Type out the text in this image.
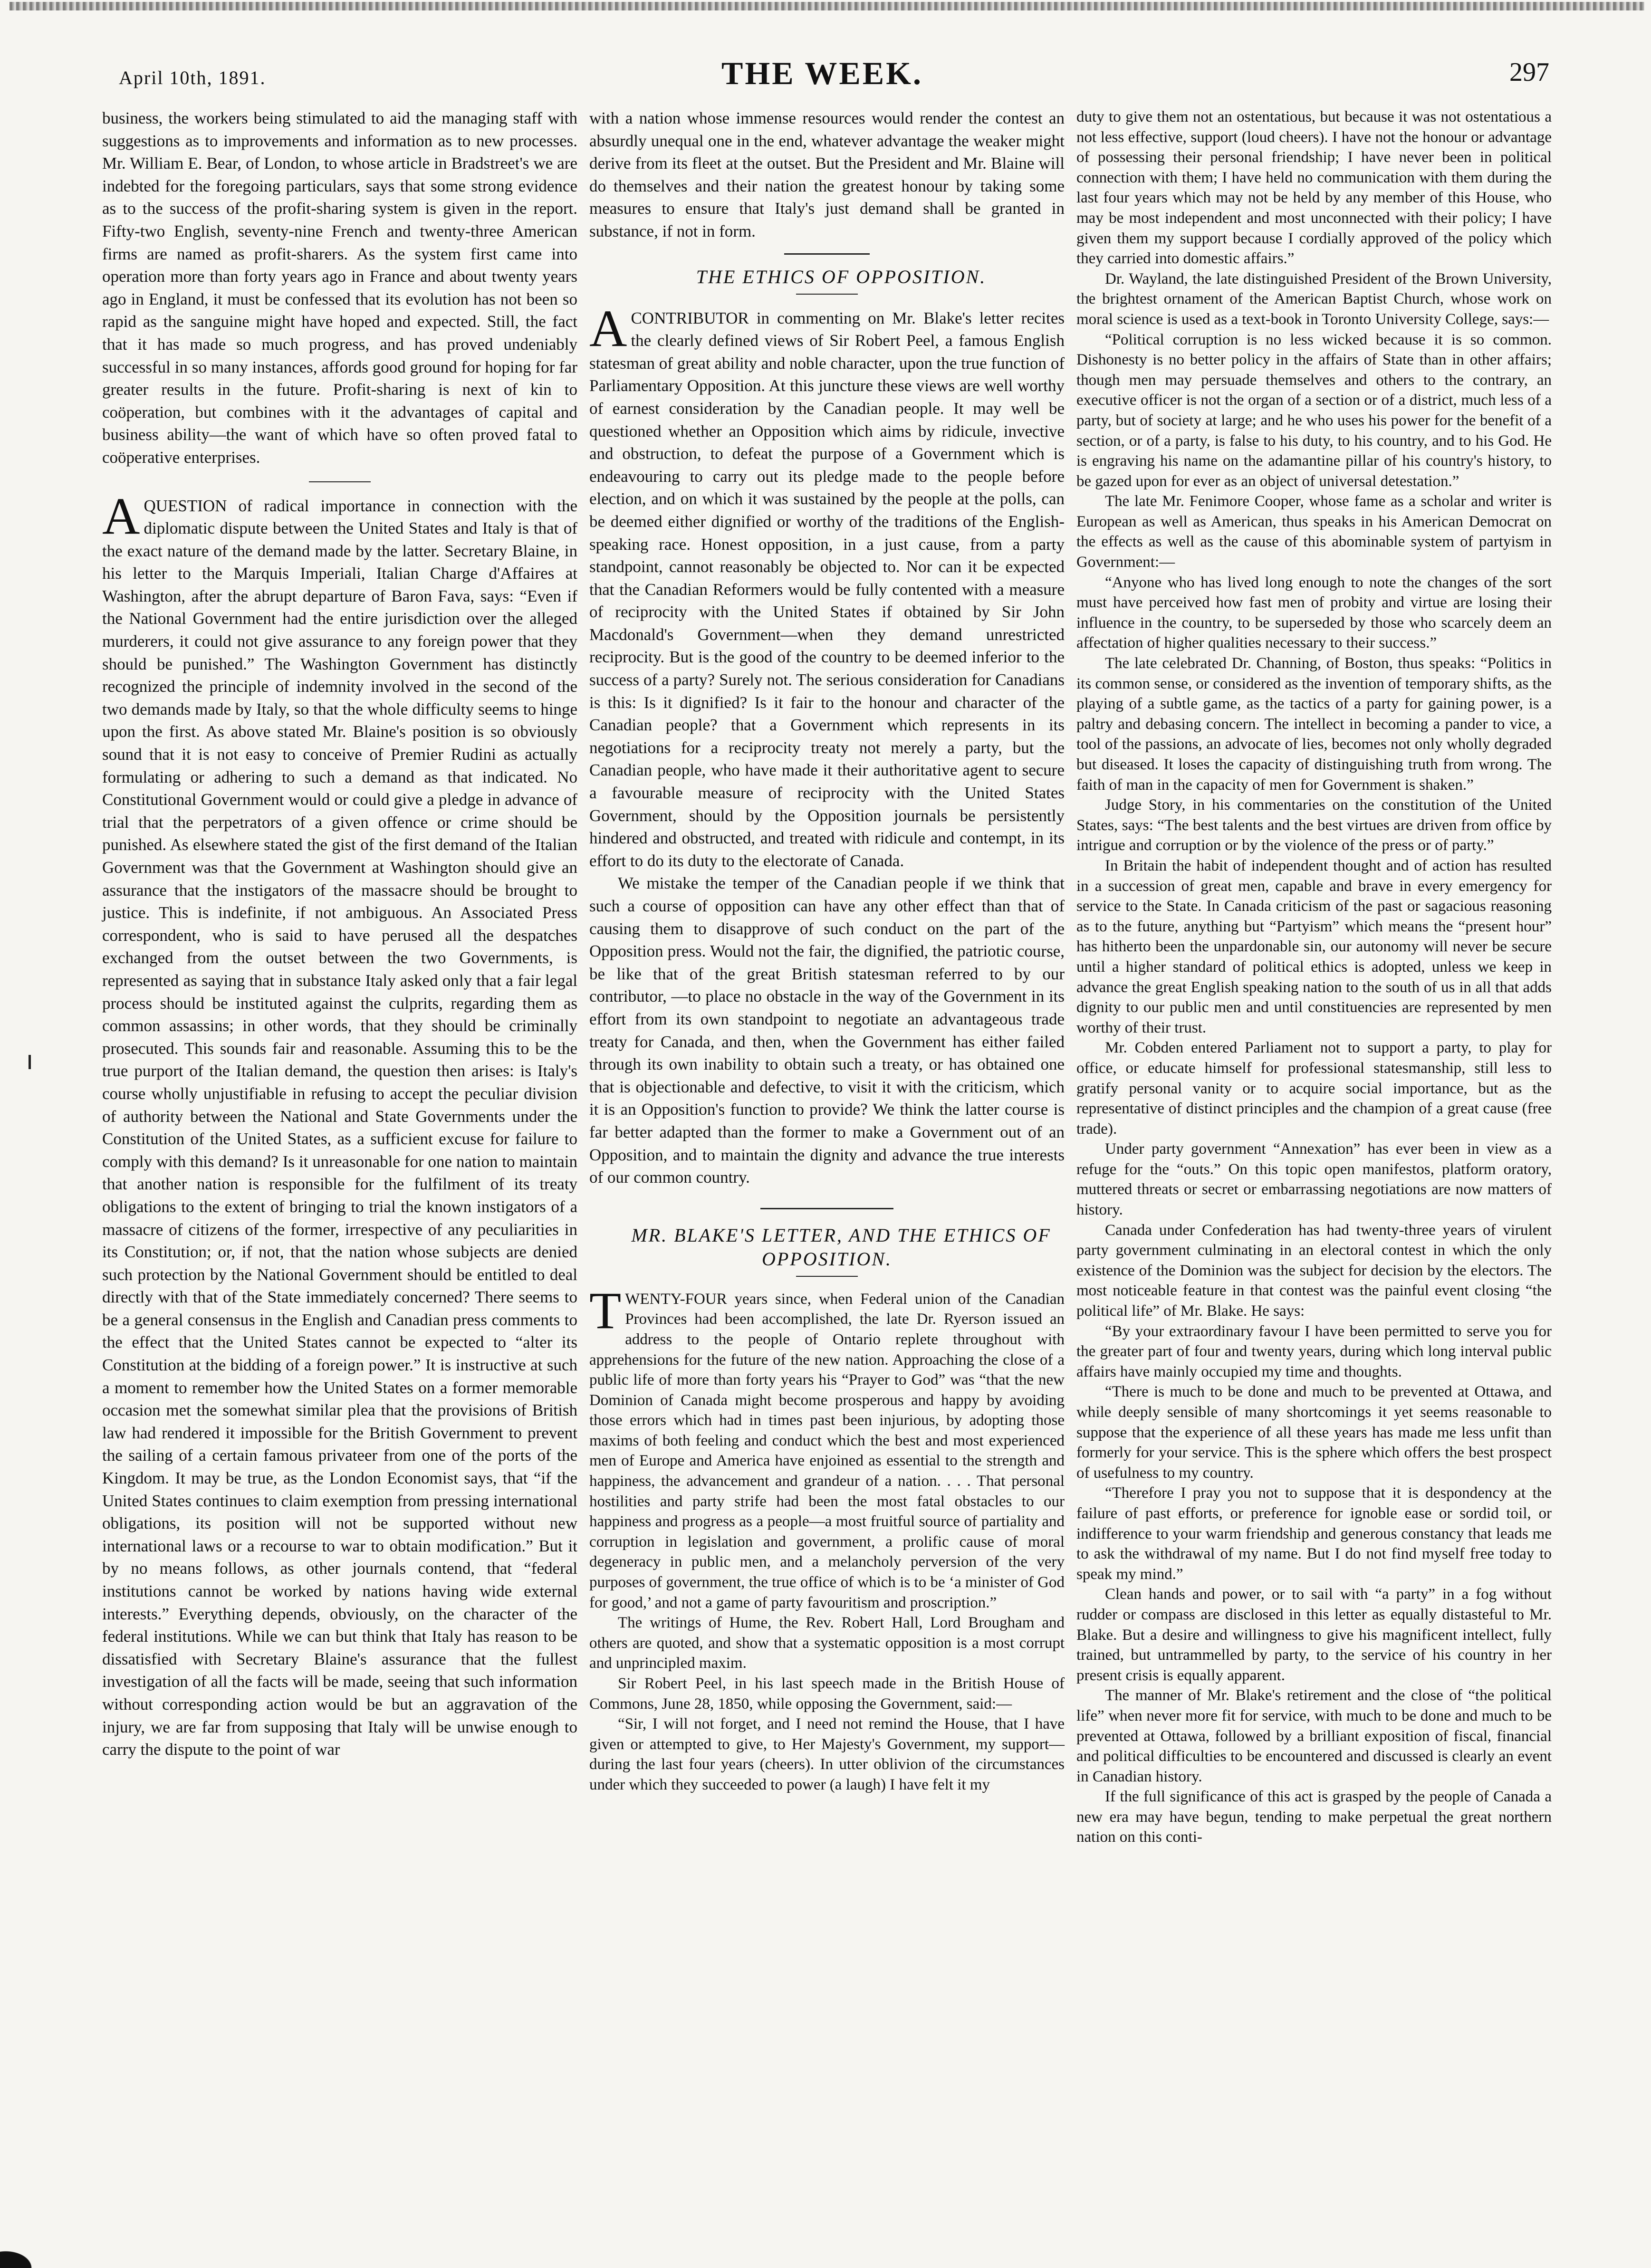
April 10th, 1891.	THE WEEK.	297

business, the workers being stimulated to aid the managing staff with suggestions as to improvements and information as to new processes. Mr. William E. Bear, of London, to whose article in Bradstreet's we are indebted for the foregoing particulars, says that some strong evidence as to the success of the profit-sharing system is given in the report. Fifty-two English, seventy-nine French and twenty-three American firms are named as profit-sharers. As the system first came into operation more than forty years ago in France and about twenty years ago in England, it must be confessed that its evolution has not been so rapid as the sanguine might have hoped and expected. Still, the fact that it has made so much progress, and has proved undeniably successful in so many instances, affords good ground for hoping for far greater results in the future. Profit-sharing is next of kin to coöperation, but combines with it the advantages of capital and business ability—the want of which have so often proved fatal to coöperative enterprises.

AQUESTION of radical importance in connection with the diplomatic dispute between the United States and Italy is that of the exact nature of the demand made by the latter. Secretary Blaine, in his letter to the Marquis Imperiali, Italian Charge d'Affaires at Washington, after the abrupt departure of Baron Fava, says: “Even if the National Government had the entire jurisdiction over the alleged murderers, it could not give assurance to any foreign power that they should be punished.” The Washington Government has distinctly recognized the principle of indemnity involved in the second of the two demands made by Italy, so that the whole difficulty seems to hinge upon the first. As above stated Mr. Blaine's position is so obviously sound that it is not easy to conceive of Premier Rudini as actually formulating or adhering to such a demand as that indicated. No Constitutional Government would or could give a pledge in advance of trial that the perpetrators of a given offence or crime should be punished. As elsewhere stated the gist of the first demand of the Italian Government was that the Government at Washington should give an assurance that the instigators of the massacre should be brought to justice. This is indefinite, if not ambiguous. An Associated Press correspondent, who is said to have perused all the despatches exchanged from the outset between the two Governments, is represented as saying that in substance Italy asked only that a fair legal process should be instituted against the culprits, regarding them as common assassins; in other words, that they should be criminally prosecuted. This sounds fair and reasonable. Assuming this to be the true purport of the Italian demand, the question then arises: is Italy's course wholly unjustifiable in refusing to accept the peculiar division of authority between the National and State Governments under the Constitution of the United States, as a sufficient excuse for failure to comply with this demand? Is it unreasonable for one nation to maintain that another nation is responsible for the fulfilment of its treaty obligations to the extent of bringing to trial the known instigators of a massacre of citizens of the former, irrespective of any peculiarities in its Constitution; or, if not, that the nation whose subjects are denied such protection by the National Government should be entitled to deal directly with that of the State immediately concerned? There seems to be a general consensus in the English and Canadian press comments to the effect that the United States cannot be expected to “alter its Constitution at the bidding of a foreign power.” It is instructive at such a moment to remember how the United States on a former memorable occasion met the somewhat similar plea that the provisions of British law had rendered it impossible for the British Government to prevent the sailing of a certain famous privateer from one of the ports of the Kingdom. It may be true, as the London Economist says, that “if the United States continues to claim exemption from pressing international obligations, its position will not be supported without new international laws or a recourse to war to obtain modification.” But it by no means follows, as other journals contend, that “federal institutions cannot be worked by nations having wide external interests.” Everything depends, obviously, on the character of the federal institutions. While we can but think that Italy has reason to be dissatisfied with Secretary Blaine's assurance that the fullest investigation of all the facts will be made, seeing that such information without corresponding action would be but an aggravation of the injury, we are far from supposing that Italy will be unwise enough to carry the dispute to the point of war

with a nation whose immense resources would render the contest an absurdly unequal one in the end, whatever advantage the weaker might derive from its fleet at the outset. But the President and Mr. Blaine will do themselves and their nation the greatest honour by taking some measures to ensure that Italy's just demand shall be granted in substance, if not in form.

THE ETHICS OF OPPOSITION.

ACONTRIBUTOR in commenting on Mr. Blake's letter recites the clearly defined views of Sir Robert Peel, a famous English statesman of great ability and noble character, upon the true function of Parliamentary Opposition. At this juncture these views are well worthy of earnest consideration by the Canadian people. It may well be questioned whether an Opposition which aims by ridicule, invective and obstruction, to defeat the purpose of a Government which is endeavouring to carry out its pledge made to the people before election, and on which it was sustained by the people at the polls, can be deemed either dignified or worthy of the traditions of the English-speaking race. Honest opposition, in a just cause, from a party standpoint, cannot reasonably be objected to. Nor can it be expected that the Canadian Reformers would be fully contented with a measure of reciprocity with the United States if obtained by Sir John Macdonald's Government—when they demand unrestricted reciprocity. But is the good of the country to be deemed inferior to the success of a party? Surely not. The serious consideration for Canadians is this: Is it dignified? Is it fair to the honour and character of the Canadian people? that a Government which represents in its negotiations for a reciprocity treaty not merely a party, but the Canadian people, who have made it their authoritative agent to secure a favourable measure of reciprocity with the United States Government, should by the Opposition journals be persistently hindered and obstructed, and treated with ridicule and contempt, in its effort to do its duty to the electorate of Canada.

We mistake the temper of the Canadian people if we think that such a course of opposition can have any other effect than that of causing them to disapprove of such conduct on the part of the Opposition press. Would not the fair, the dignified, the patriotic course, be like that of the great British statesman referred to by our contributor, —to place no obstacle in the way of the Government in its effort from its own standpoint to negotiate an advantageous trade treaty for Canada, and then, when the Government has either failed through its own inability to obtain such a treaty, or has obtained one that is objectionable and defective, to visit it with the criticism, which it is an Opposition's function to provide? We think the latter course is far better adapted than the former to make a Government out of an Opposition, and to maintain the dignity and advance the true interests of our common country.

MR. BLAKE'S LETTER, AND THE ETHICS OF OPPOSITION.

TWENTY-FOUR years since, when Federal union of the Canadian Provinces had been accomplished, the late Dr. Ryerson issued an address to the people of Ontario replete throughout with apprehensions for the future of the new nation. Approaching the close of a public life of more than forty years his “Prayer to God” was “that the new Dominion of Canada might become prosperous and happy by avoiding those errors which had in times past been injurious, by adopting those maxims of both feeling and conduct which the best and most experienced men of Europe and America have enjoined as essential to the strength and happiness, the advancement and grandeur of a nation. . . . That personal hostilities and party strife had been the most fatal obstacles to our happiness and progress as a people—a most fruitful source of partiality and corruption in legislation and government, a prolific cause of moral degeneracy in public men, and a melancholy perversion of the very purposes of government, the true office of which is to be ‘a minister of God for good,’ and not a game of party favouritism and proscription.”

The writings of Hume, the Rev. Robert Hall, Lord Brougham and others are quoted, and show that a systematic opposition is a most corrupt and unprincipled maxim.

Sir Robert Peel, in his last speech made in the British House of Commons, June 28, 1850, while opposing the Government, said:—

“Sir, I will not forget, and I need not remind the House, that I have given or attempted to give, to Her Majesty's Government, my support—during the last four years (cheers). In utter oblivion of the circumstances under which they succeeded to power (a laugh) I have felt it my

duty to give them not an ostentatious, but because it was not ostentatious a not less effective, support (loud cheers). I have not the honour or advantage of possessing their personal friendship; I have never been in political connection with them; I have held no communication with them during the last four years which may not be held by any member of this House, who may be most independent and most unconnected with their policy; I have given them my support because I cordially approved of the policy which they carried into domestic affairs.”

Dr. Wayland, the late distinguished President of the Brown University, the brightest ornament of the American Baptist Church, whose work on moral science is used as a text-book in Toronto University College, says:—

“Political corruption is no less wicked because it is so common. Dishonesty is no better policy in the affairs of State than in other affairs; though men may persuade themselves and others to the contrary, an executive officer is not the organ of a section or of a district, much less of a party, but of society at large; and he who uses his power for the benefit of a section, or of a party, is false to his duty, to his country, and to his God. He is engraving his name on the adamantine pillar of his country's history, to be gazed upon for ever as an object of universal detestation.”

The late Mr. Fenimore Cooper, whose fame as a scholar and writer is European as well as American, thus speaks in his American Democrat on the effects as well as the cause of this abominable system of partyism in Government:—

“Anyone who has lived long enough to note the changes of the sort must have perceived how fast men of probity and virtue are losing their influence in the country, to be superseded by those who scarcely deem an affectation of higher qualities necessary to their success.”

The late celebrated Dr. Channing, of Boston, thus speaks: “Politics in its common sense, or considered as the invention of temporary shifts, as the playing of a subtle game, as the tactics of a party for gaining power, is a paltry and debasing concern. The intellect in becoming a pander to vice, a tool of the passions, an advocate of lies, becomes not only wholly degraded but diseased. It loses the capacity of distinguishing truth from wrong. The faith of man in the capacity of men for Government is shaken.”

Judge Story, in his commentaries on the constitution of the United States, says: “The best talents and the best virtues are driven from office by intrigue and corruption or by the violence of the press or of party.”

In Britain the habit of independent thought and of action has resulted in a succession of great men, capable and brave in every emergency for service to the State. In Canada criticism of the past or sagacious reasoning as to the future, anything but “Partyism” which means the “present hour” has hitherto been the unpardonable sin, our autonomy will never be secure until a higher standard of political ethics is adopted, unless we keep in advance the great English speaking nation to the south of us in all that adds dignity to our public men and until constituencies are represented by men worthy of their trust.

Mr. Cobden entered Parliament not to support a party, to play for office, or educate himself for professional statesmanship, still less to gratify personal vanity or to acquire social importance, but as the representative of distinct principles and the champion of a great cause (free trade).

Under party government “Annexation” has ever been in view as a refuge for the “outs.” On this topic open manifestos, platform oratory, muttered threats or secret or embarrassing negotiations are now matters of history.

Canada under Confederation has had twenty-three years of virulent party government culminating in an electoral contest in which the only existence of the Dominion was the subject for decision by the electors. The most noticeable feature in that contest was the painful event closing “the political life” of Mr. Blake. He says:

“By your extraordinary favour I have been permitted to serve you for the greater part of four and twenty years, during which long interval public affairs have mainly occupied my time and thoughts.

“There is much to be done and much to be prevented at Ottawa, and while deeply sensible of many shortcomings it yet seems reasonable to suppose that the experience of all these years has made me less unfit than formerly for your service. This is the sphere which offers the best prospect of usefulness to my country.

“Therefore I pray you not to suppose that it is despondency at the failure of past efforts, or preference for ignoble ease or sordid toil, or indifference to your warm friendship and generous constancy that leads me to ask the withdrawal of my name. But I do not find myself free today to speak my mind.”

Clean hands and power, or to sail with “a party” in a fog without rudder or compass are disclosed in this letter as equally distasteful to Mr. Blake. But a desire and willingness to give his magnificent intellect, fully trained, but untrammelled by party, to the service of his country in her present crisis is equally apparent.

The manner of Mr. Blake's retirement and the close of “the political life” when never more fit for service, with much to be done and much to be prevented at Ottawa, followed by a brilliant exposition of fiscal, financial and political difficulties to be encountered and discussed is clearly an event in Canadian history.

If the full significance of this act is grasped by the people of Canada a new era may have begun, tending to make perpetual the great northern nation on this conti-
